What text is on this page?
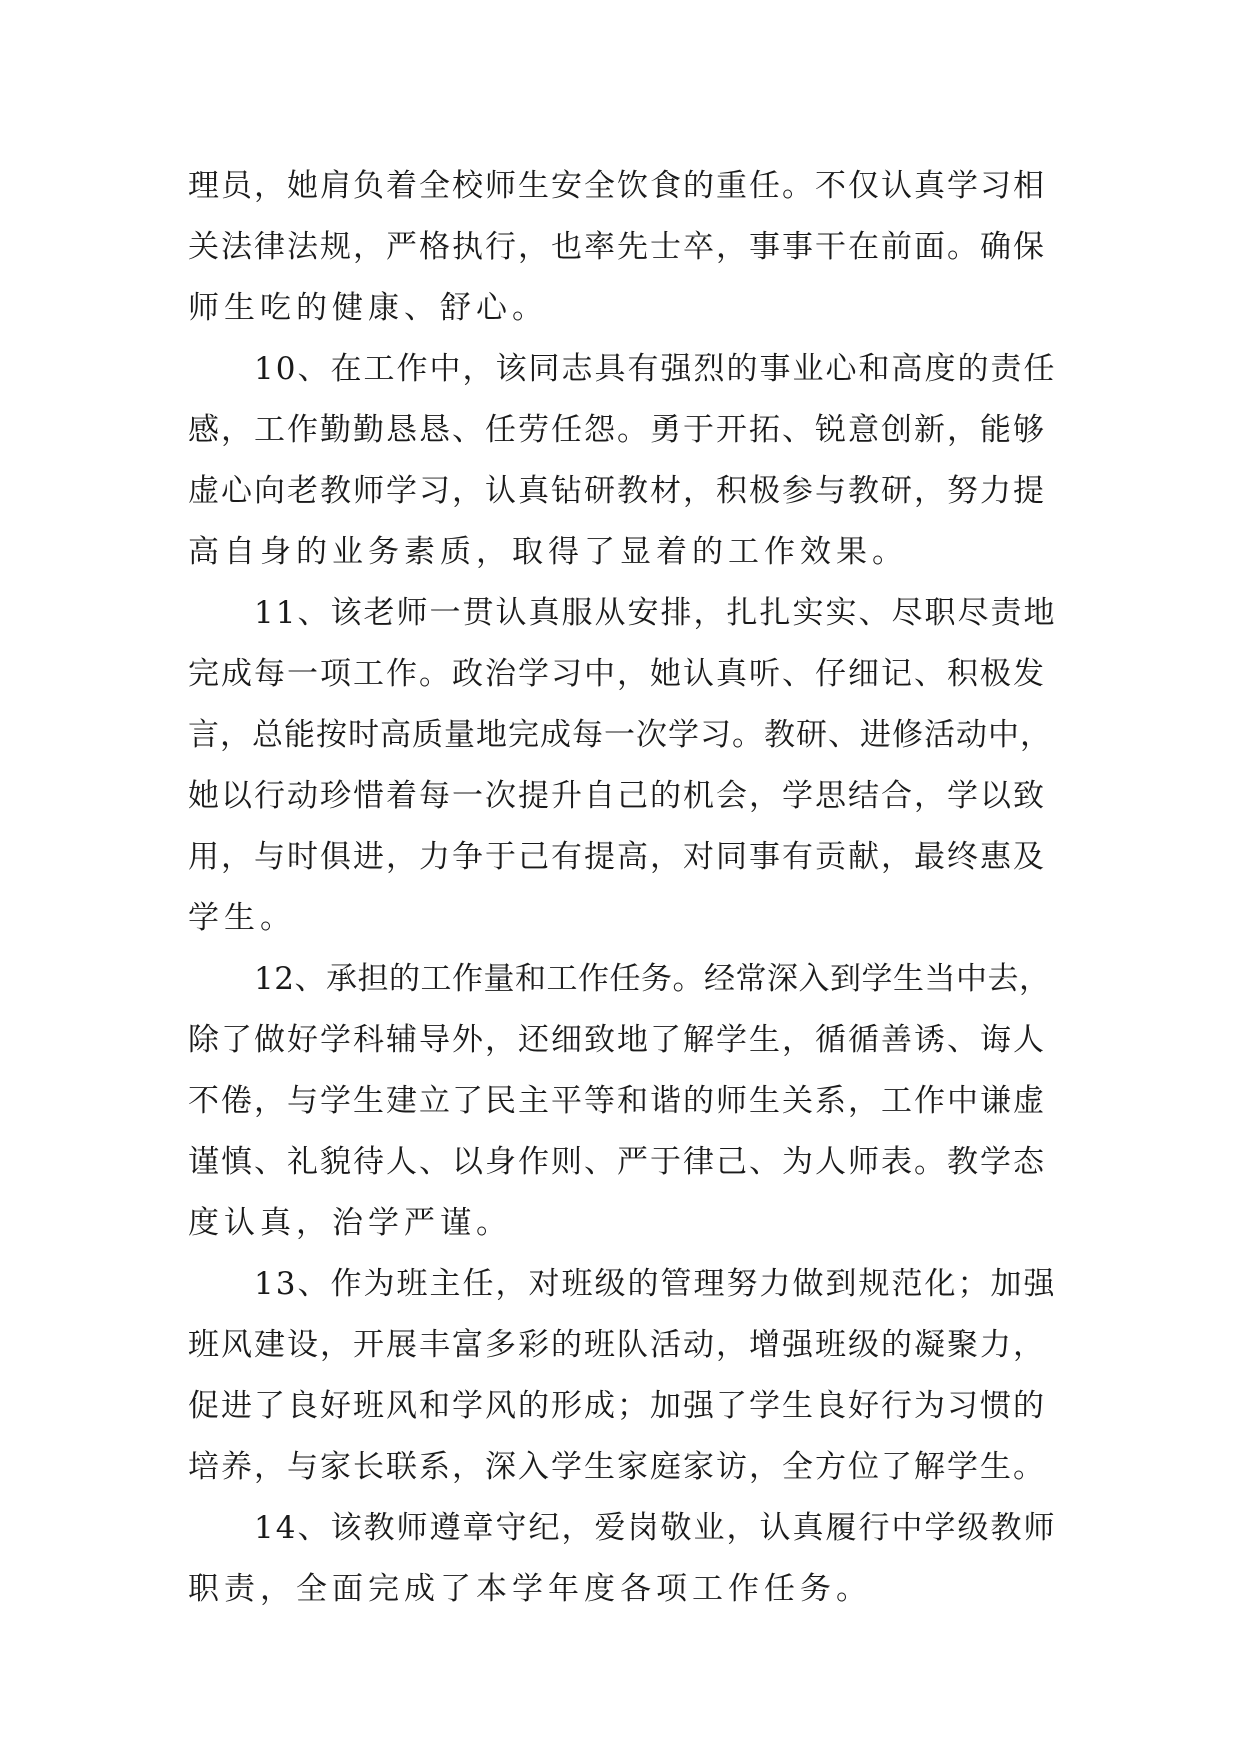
理员，她肩负着全校师生安全饮食的重任。不仅认真学习相
关法律法规，严格执行，也率先士卒，事事干在前面。确保
师生吃的健康、舒心。
10、在工作中，该同志具有强烈的事业心和高度的责任
感，工作勤勤恳恳、任劳任怨。勇于开拓、锐意创新，能够
虚心向老教师学习，认真钻研教材，积极参与教研，努力提
高自身的业务素质，取得了显着的工作效果。
11、该老师一贯认真服从安排，扎扎实实、尽职尽责地
完成每一项工作。政治学习中，她认真听、仔细记、积极发
言，总能按时高质量地完成每一次学习。教研、进修活动中，
她以行动珍惜着每一次提升自己的机会，学思结合，学以致
用，与时俱进，力争于己有提高，对同事有贡献，最终惠及
学生。
12、承担的工作量和工作任务。经常深入到学生当中去，
除了做好学科辅导外，还细致地了解学生，循循善诱、诲人
不倦，与学生建立了民主平等和谐的师生关系，工作中谦虚
谨慎、礼貌待人、以身作则、严于律己、为人师表。教学态
度认真，治学严谨。
13、作为班主任，对班级的管理努力做到规范化；加强
班风建设，开展丰富多彩的班队活动，增强班级的凝聚力，
促进了良好班风和学风的形成；加强了学生良好行为习惯的
培养，与家长联系，深入学生家庭家访，全方位了解学生。
14、该教师遵章守纪，爱岗敬业，认真履行中学级教师
职责，全面完成了本学年度各项工作任务。
